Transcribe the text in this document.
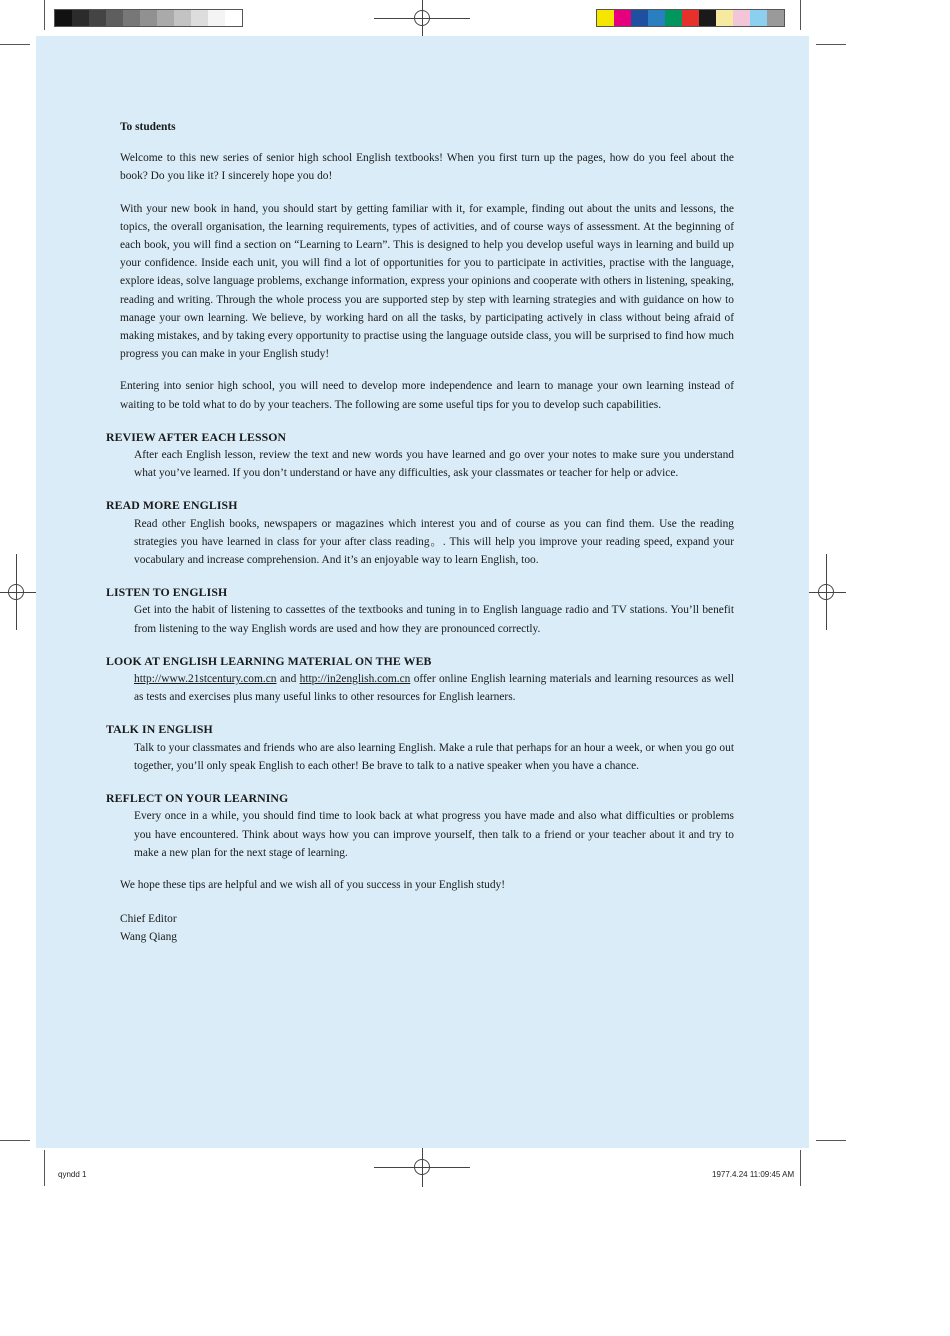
To students

Welcome to this new series of senior high school English textbooks! When you first turn up the pages, how do you feel about the book? Do you like it? I sincerely hope you do!

With your new book in hand, you should start by getting familiar with it, for example, finding out about the units and lessons, the topics, the overall organisation, the learning requirements, types of activities, and of course ways of assessment. At the beginning of each book, you will find a section on “Learning to Learn”. This is designed to help you develop useful ways in learning and build up your confidence. Inside each unit, you will find a lot of opportunities for you to participate in activities, practise with the language, explore ideas, solve language problems, exchange information, express your opinions and cooperate with others in listening, speaking, reading and writing. Through the whole process you are supported step by step with learning strategies and with guidance on how to manage your own learning. We believe, by working hard on all the tasks, by participating actively in class without being afraid of making mistakes, and by taking every opportunity to practise using the language outside class, you will be surprised to find how much progress you can make in your English study!

Entering into senior high school, you will need to develop more independence and learn to manage your own learning instead of waiting to be told what to do by your teachers. The following are some useful tips for you to develop such capabilities.

REVIEW AFTER EACH LESSON

After each English lesson, review the text and new words you have learned and go over your notes to make sure you understand what you’ve learned. If you don’t understand or have any difficulties, ask your classmates or teacher for help or advice.

READ MORE ENGLISH

Read other English books, newspapers or magazines which interest you and of course as you can find them. Use the reading strategies you have learned in class for your after class reading。. This will help you improve your reading speed, expand your vocabulary and increase comprehension. And it’s an enjoyable way to learn English, too.

LISTEN TO ENGLISH

Get into the habit of listening to cassettes of the textbooks and tuning in to English language radio and TV stations. You’ll benefit from listening to the way English words are used and how they are pronounced correctly.

LOOK AT ENGLISH LEARNING MATERIAL ON THE WEB

http://www.21stcentury.com.cn and http://in2english.com.cn offer online English learning materials and learning resources as well as tests and exercises plus many useful links to other resources for English learners.

TALK IN ENGLISH

Talk to your classmates and friends who are also learning English. Make a rule that perhaps for an hour a week, or when you go out together, you’ll only speak English to each other! Be brave to talk to a native speaker when you have a chance.

REFLECT ON YOUR LEARNING

Every once in a while, you should find time to look back at what progress you have made and also what difficulties or problems you have encountered. Think about ways how you can improve yourself, then talk to a friend or your teacher about it and try to make a new plan for the next stage of learning.

We hope these tips are helpful and we wish all of you success in your English study!

Chief Editor

Wang Qiang

qyndd 1	1977.4.24 11:09:45 AM
